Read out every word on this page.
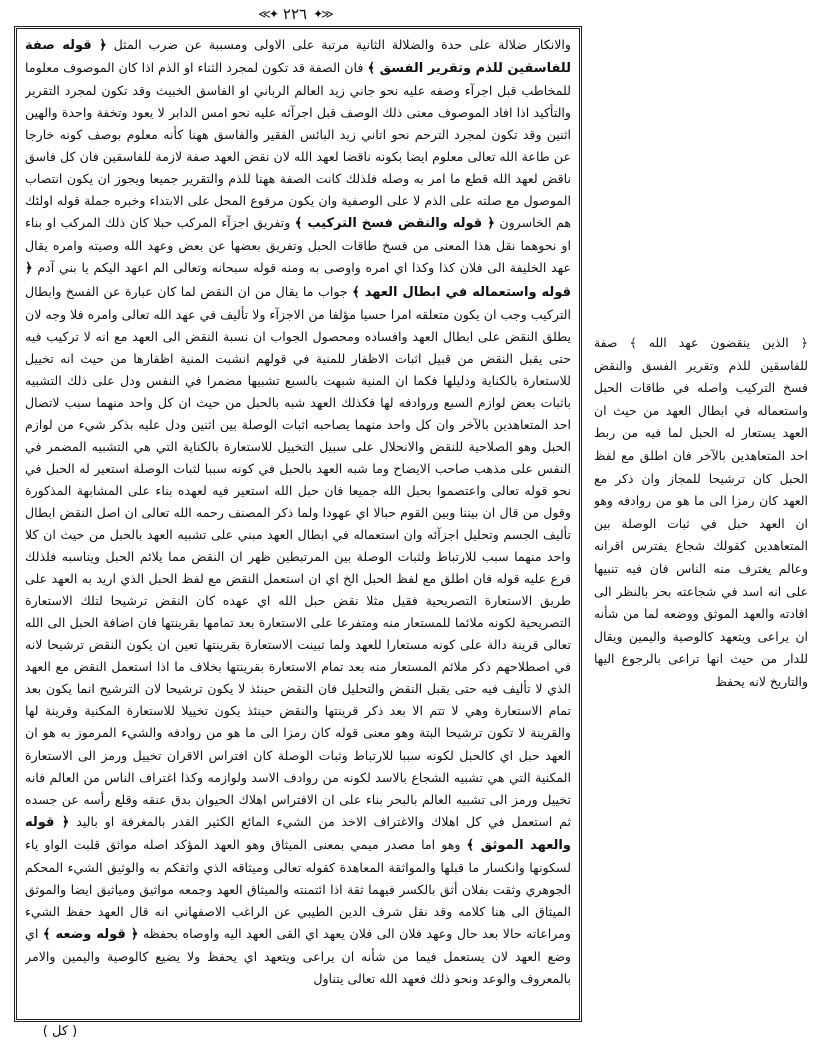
≪✦ ٢٢٦ ✦≫

والانكار ضلالة على حدة والضلالة الثانية مرتبة على الاولى ومسببة عن ضرب المثل ﴿ قوله صفة للفاسقين للذم وتقرير الفسق ﴾ فان الصفة قد تكون لمجرد الثناء او الذم اذا كان الموصوف معلوما للمخاطب قبل اجرآء وصفه عليه نحو جاني زيد العالم الرباني او الفاسق الخبيث وقد تكون لمجرد التقرير والتأكيد اذا افاد الموصوف معنى ذلك الوصف قبل اجرآئه عليه نحو امس الدابر لا يعود وتخفة واحدة والهين اثنين وقد تكون لمجرد الترحم نحو اتاني زيد البائس الفقير والفاسق ههنا كأنه معلوم بوصف كونه خارجا عن طاعة الله تعالى معلوم ايضا بكونه ناقضا لعهد الله لان نقض العهد صفة لازمة للفاسقين فان كل فاسق ناقض لعهد الله قطع ما امر به وصله فلذلك كانت الصفة ههنا للذم والتقرير جميعا ويجوز ان يكون انتصاب الموصول مع صلته على الذم لا على الوصفية وان يكون مرفوع المحل على الابتداء وخبره جملة قوله اولئك هم الخاسرون ﴿ قوله والنقض فسخ التركيب ﴾ وتفريق اجزآء المركب حبلا كان ذلك المركب او بناء او نحوهما نقل هذا المعنى من فسخ طاقات الحبل وتفريق بعضها عن بعض وعهد الله وصيته وامره يقال عهد الخليفة الى فلان كذا وكذا اي امره واوصى به ومنه قوله سبحانه وتعالى الم اعهد اليكم يا بني آدم ﴿ قوله واستعماله في ابطال العهد ﴾ جواب ما يقال من ان النقض لما كان عبارة عن الفسخ وابطال التركيب وجب ان يكون متعلقه امرا حسيا مؤلفا من الاجزآء ولا تأليف في عهد الله تعالى وامره فلا وجه لان يطلق النقض على ابطال العهد وافساده ومحصول الجواب ان نسبة النقض الى العهد مع انه لا تركيب فيه حتى يقبل النقض من قبيل اثبات الاظفار للمنية في قولهم انشبت المنية اظفارها من حيث انه تخييل للاستعارة بالكناية ودليلها فكما ان المنية شبهت بالسبع تشبيها مضمرا في النفس ودل على ذلك التشبيه باثبات بعض لوازم السبع وروادفه لها فكذلك العهد شبه بالحبل من حيث ان كل واحد منهما سبب لاتصال احد المتعاهدين بالآخر وان كل واحد منهما يصاحبه اثبات الوصلة بين اثنين ودل عليه بذكر شيء من لوازم الحبل وهو الصلاحية للنقض والانحلال على سبيل التخييل للاستعارة بالكناية التي هي التشبيه المضمر في النفس على مذهب صاحب الايضاح وما شبه العهد بالحبل في كونه سببا لثبات الوصلة استعير له الحبل في نحو قوله تعالى واعتصموا بحبل الله جميعا فان حبل الله استعير فيه لعهده بناء على المشابهة المذكورة وقول من قال ان بيننا وبين القوم حبالا اي عهودا ولما ذكر المصنف رحمه الله تعالى ان اصل النقض ابطال تأليف الجسم وتحليل اجزآئه وان استعماله في ابطال العهد مبني على تشبيه العهد بالحبل من حيث ان كلا واحد منهما سبب للارتباط ولثبات الوصلة بين المرتبطين ظهر ان النقض مما يلائم الحبل ويناسبه فلذلك فرع عليه قوله فان اطلق مع لفظ الحبل الخ اي ان استعمل النقض مع لفظ الحبل الذي اريد به العهد على طريق الاستعارة التصريحية فقيل مثلا نقض حبل الله اي عهده كان النقض ترشيحا لتلك الاستعارة التصريحية لكونه ملائما للمستعار منه ومتفرعا على الاستعارة بعد تمامها بقرينتها فان اضافة الحبل الى الله تعالى قرينة دالة على كونه مستعارا للعهد ولما تبينت الاستعارة بقرينتها تعين ان يكون النقض ترشيحا لانه في اصطلاحهم ذكر ملائم المستعار منه بعد تمام الاستعارة بقرينتها بخلاف ما اذا استعمل النقض مع العهد الذي لا تأليف فيه حتى يقبل النقض والتحليل فان النقض حينئذ لا يكون ترشيحا لان الترشيح انما يكون بعد تمام الاستعارة وهي لا تتم الا بعد ذكر قرينتها والنقض حينئذ يكون تخييلا للاستعارة المكنية وقرينة لها والقرينة لا تكون ترشيحا البتة وهو معنى قوله كان رمزا الى ما هو من روادفه والشيء المرموز به هو ان العهد حبل اي كالحبل لكونه سببا للارتباط وثبات الوصلة كان افتراس الاقران تخييل ورمز الى الاستعارة المكنية التي هي تشبيه الشجاع بالاسد لكونه من روادف الاسد ولوازمه وكذا اغتراف الناس من العالم فانه تخييل ورمز الى تشبيه العالم بالبحر بناء على ان الافتراس اهلاك الحيوان بدق عنقه وقلع رأسه عن جسده ثم استعمل في كل اهلاك والاغتراف الاخذ من الشيء المائع الكثير القدر بالمغرفة او باليد ﴿ قوله والعهد الموثق ﴾ وهو اما مصدر ميمي بمعنى الميثاق وهو العهد المؤكد اصله مواثق قلبت الواو ياء لسكونها وانكسار ما قبلها والمواثقة المعاهدة كقوله تعالى وميثاقه الذي واثقكم به والوثيق الشيء المحكم الجوهري وثقت بفلان أثق بالكسر فيهما ثقة اذا ائتمنته والميثاق العهد وجمعه مواثيق ومياثيق ايضا والموثق الميثاق الى هنا كلامه وقد نقل شرف الدين الطيبي عن الراغب الاصفهاني انه قال العهد حفظ الشيء ومراعاته حالا بعد حال وعهد فلان الى فلان يعهد اي القى العهد اليه واوصاه بحفظه ﴿ قوله وضعه ﴾ اي وضع العهد لان يستعمل فيما من شأنه ان يراعى ويتعهد اي يحفظ ولا يضيع كالوصية واليمين والامر بالمعروف والوعد ونحو ذلك فعهد الله تعالى يتناول

﴿ الذين ينقضون عهد الله ﴾ صفة للفاسقين للذم وتقرير الفسق والنقض فسخ التركيب واصله في طاقات الحبل واستعماله في ابطال العهد من حيث ان العهد يستعار له الحبل لما فيه من ربط احد المتعاهدين بالآخر فان اطلق مع لفظ الحبل كان ترشيحا للمجاز وان ذكر مع العهد كان رمزا الى ما هو من روادفه وهو ان العهد حبل في ثبات الوصلة بين المتعاهدين كقولك شجاع يفترس اقرانه وعالم يغترف منه الناس فان فيه تنبيها على انه اسد في شجاعته بحر بالنظر الى افادته والعهد الموثق ووضعه لما من شأنه ان يراعى ويتعهد كالوصية واليمين ويقال للدار من حيث انها تراعى بالرجوع اليها والتاريخ لانه يحفظ
( كل )
